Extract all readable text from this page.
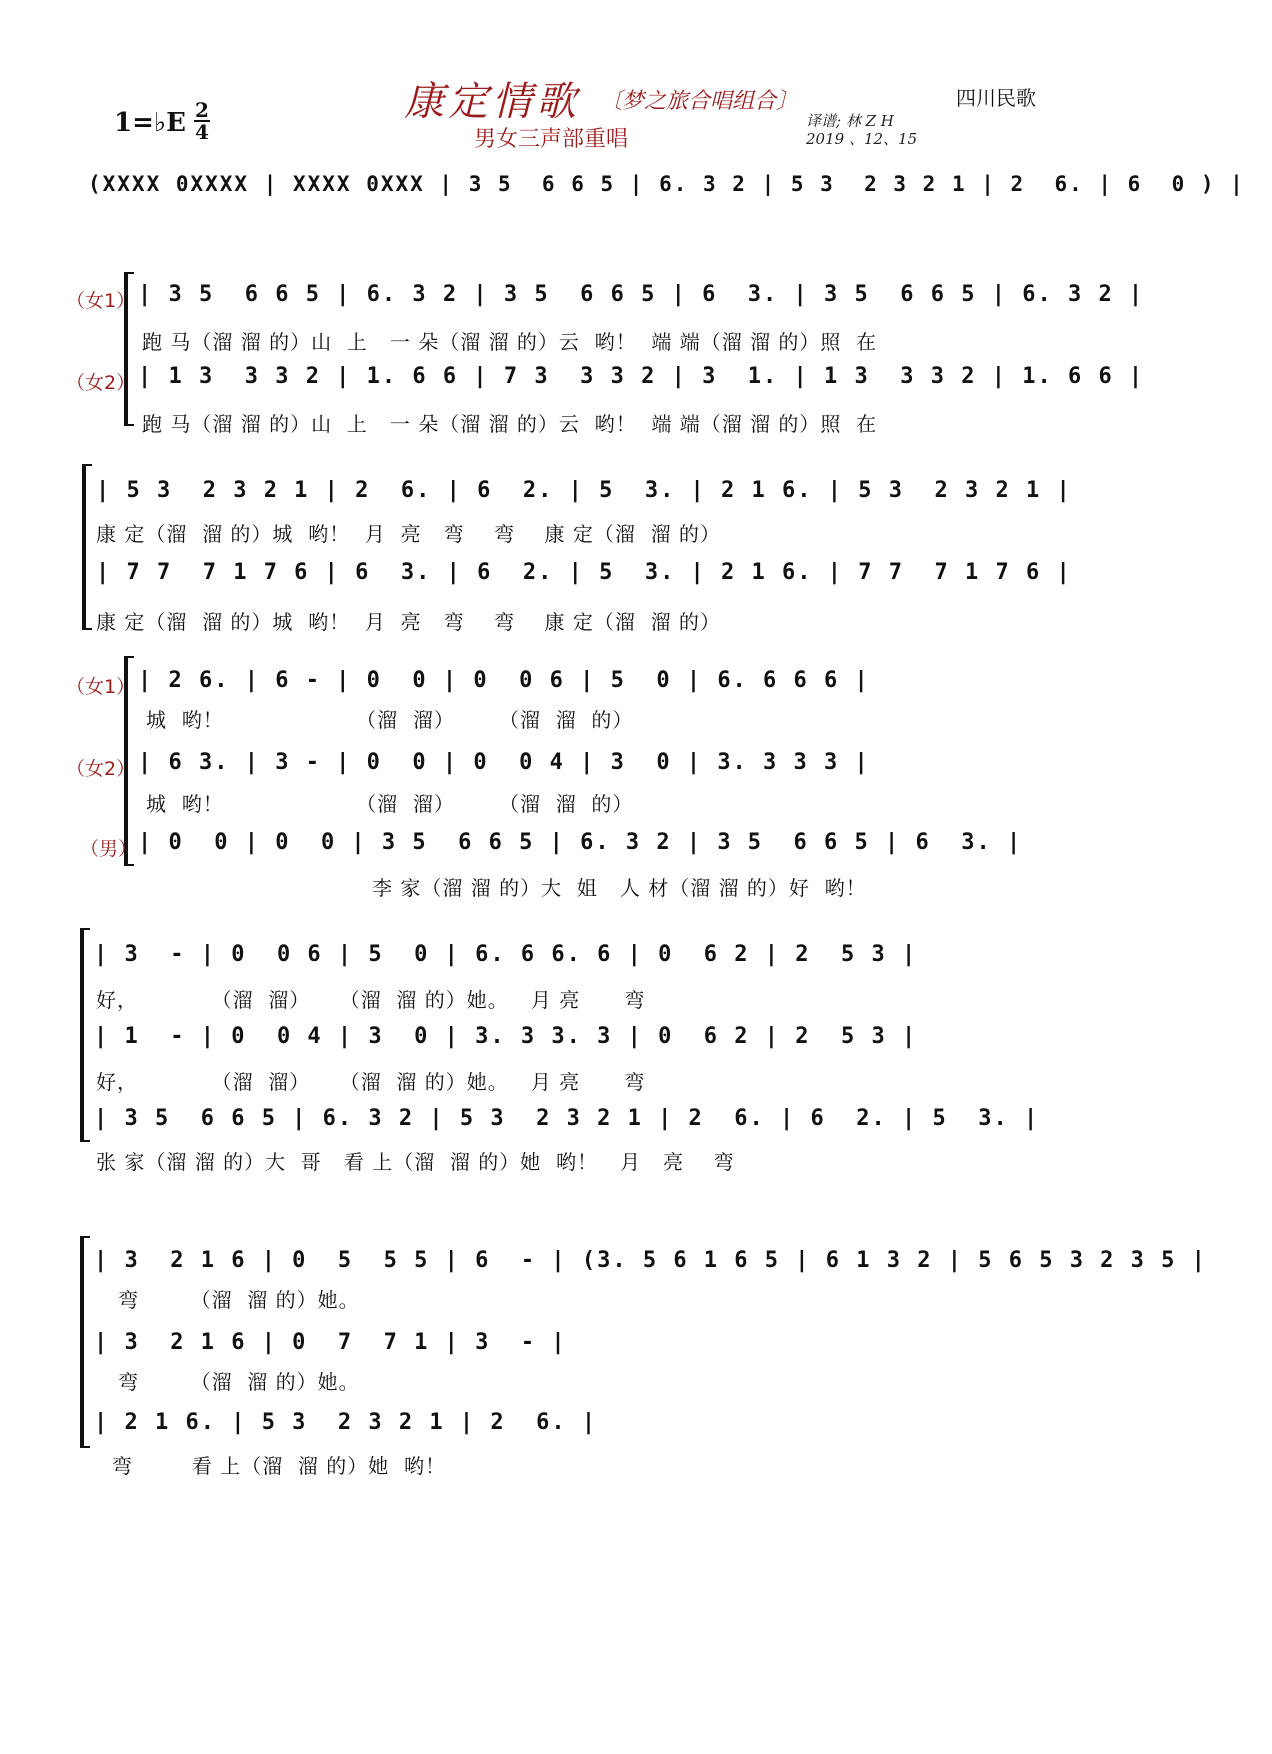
康定情歌 〔梦之旅合唱组合〕
男女三声部重唱
四川民歌
1=♭E 2
4	译谱; 林 Z H
2019 、12、15
(XXXX 0XXXX | XXXX 0XXX | 3 5  6 6 5 | 6. 3 2 | 5 3  2 3 2 1 | 2  6. | 6  0 ) |
（女1） | 3 5  6 6 5 | 6. 3 2 | 3 5  6 6 5 | 6  3. | 3 5  6 6 5 | 6. 3 2 |
跑 马（溜 溜 的）山  上   一 朵（溜 溜 的）云  哟！  端 端（溜 溜 的）照  在
（女2） | 1 3  3 3 2 | 1. 6 6 | 7 3  3 3 2 | 3  1. | 1 3  3 3 2 | 1. 6 6 |
跑 马（溜 溜 的）山  上   一 朵（溜 溜 的）云  哟！  端 端（溜 溜 的）照  在
| 5 3  2 3 2 1 | 2  6. | 6  2. | 5  3. | 2 1 6. | 5 3  2 3 2 1 |
康 定（溜  溜 的）城  哟！  月  亮   弯    弯    康 定（溜  溜 的）
| 7 7  7 1 7 6 | 6  3. | 6  2. | 5  3. | 2 1 6. | 7 7  7 1 7 6 |
康 定（溜  溜 的）城  哟！  月  亮   弯    弯    康 定（溜  溜 的）
（女1） | 2 6. | 6 - | 0  0 | 0  0 6 | 5  0 | 6. 6 6 6 |
城  哟！                  （溜  溜）      （溜  溜  的）
（女2） | 6 3. | 3 - | 0  0 | 0  0 4 | 3  0 | 3. 3 3 3 |
城  哟！                  （溜  溜）      （溜  溜  的）
（男） | 0  0 | 0  0 | 3 5  6 6 5 | 6. 3 2 | 3 5  6 6 5 | 6  3. |
李 家（溜 溜 的）大  姐   人 材（溜 溜 的）好  哟！
| 3  - | 0  0 6 | 5  0 | 6. 6 6. 6 | 0  6 2 | 2  5 3 |
好，          （溜  溜）    （溜  溜 的）她。   月 亮      弯
| 1  - | 0  0 4 | 3  0 | 3. 3 3. 3 | 0  6 2 | 2  5 3 |
好，          （溜  溜）    （溜  溜 的）她。   月 亮      弯
| 3 5  6 6 5 | 6. 3 2 | 5 3  2 3 2 1 | 2  6. | 6  2. | 5  3. |
张 家（溜 溜 的）大  哥   看 上（溜  溜 的）她  哟！   月   亮    弯
| 3  2 1 6 | 0  5  5 5 | 6  - | (3. 5 6 1 6 5 | 6 1 3 2 | 5 6 5 3 2 3 5 |
弯       （溜  溜 的）她。
| 3  2 1 6 | 0  7  7 1 | 3  - |
弯       （溜  溜 的）她。
| 2 1 6. | 5 3  2 3 2 1 | 2  6. |
弯        看 上（溜  溜 的）她  哟！
